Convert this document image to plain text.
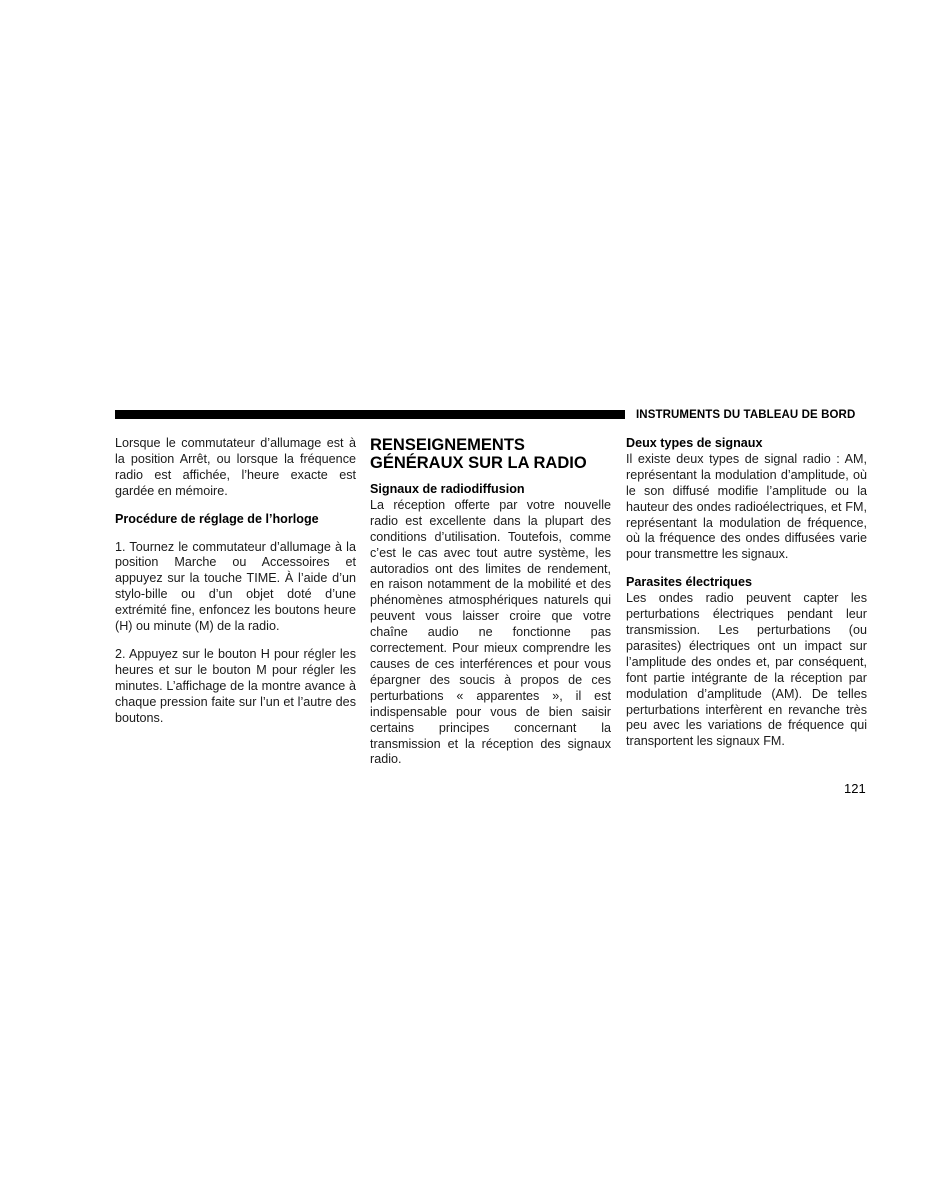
INSTRUMENTS DU TABLEAU DE BORD

Lorsque le commutateur d’allumage est à la position Arrêt, ou lorsque la fréquence radio est affichée, l’heure exacte est gardée en mémoire.

Procédure de réglage de l’horloge

1. Tournez le commutateur d’allumage à la position Marche ou Accessoires et appuyez sur la touche TIME. À l’aide d’un stylo-bille ou d’un objet doté d’une extrémité fine, enfoncez les boutons heure (H) ou minute (M) de la radio.

2. Appuyez sur le bouton H pour régler les heures et sur le bouton M pour régler les minutes. L’affichage de la montre avance à chaque pression faite sur l’un et l’autre des boutons.

RENSEIGNEMENTS
GÉNÉRAUX SUR LA RADIO
Signaux de radiodiffusion

La réception offerte par votre nouvelle radio est excellente dans la plupart des conditions d’utilisation. Toutefois, comme c’est le cas avec tout autre système, les autoradios ont des limites de rendement, en raison notamment de la mobilité et des phénomènes atmosphériques naturels qui peuvent vous laisser croire que votre chaîne audio ne fonctionne pas correctement. Pour mieux comprendre les causes de ces interférences et pour vous épargner des soucis à propos de ces perturbations « apparentes », il est indispensable pour vous de bien saisir certains principes concernant la transmission et la réception des signaux radio.

Deux types de signaux

Il existe deux types de signal radio : AM, représentant la modulation d’amplitude, où le son diffusé modifie l’amplitude ou la hauteur des ondes radioélectriques, et FM, représentant la modulation de fréquence, où la fréquence des ondes diffusées varie pour transmettre les signaux.

Parasites électriques

Les ondes radio peuvent capter les perturbations électriques pendant leur transmission. Les perturbations (ou parasites) électriques ont un impact sur l’amplitude des ondes et, par conséquent, font partie intégrante de la réception par modulation d’amplitude (AM). De telles perturbations interfèrent en revanche très peu avec les variations de fréquence qui transportent les signaux FM.

121
